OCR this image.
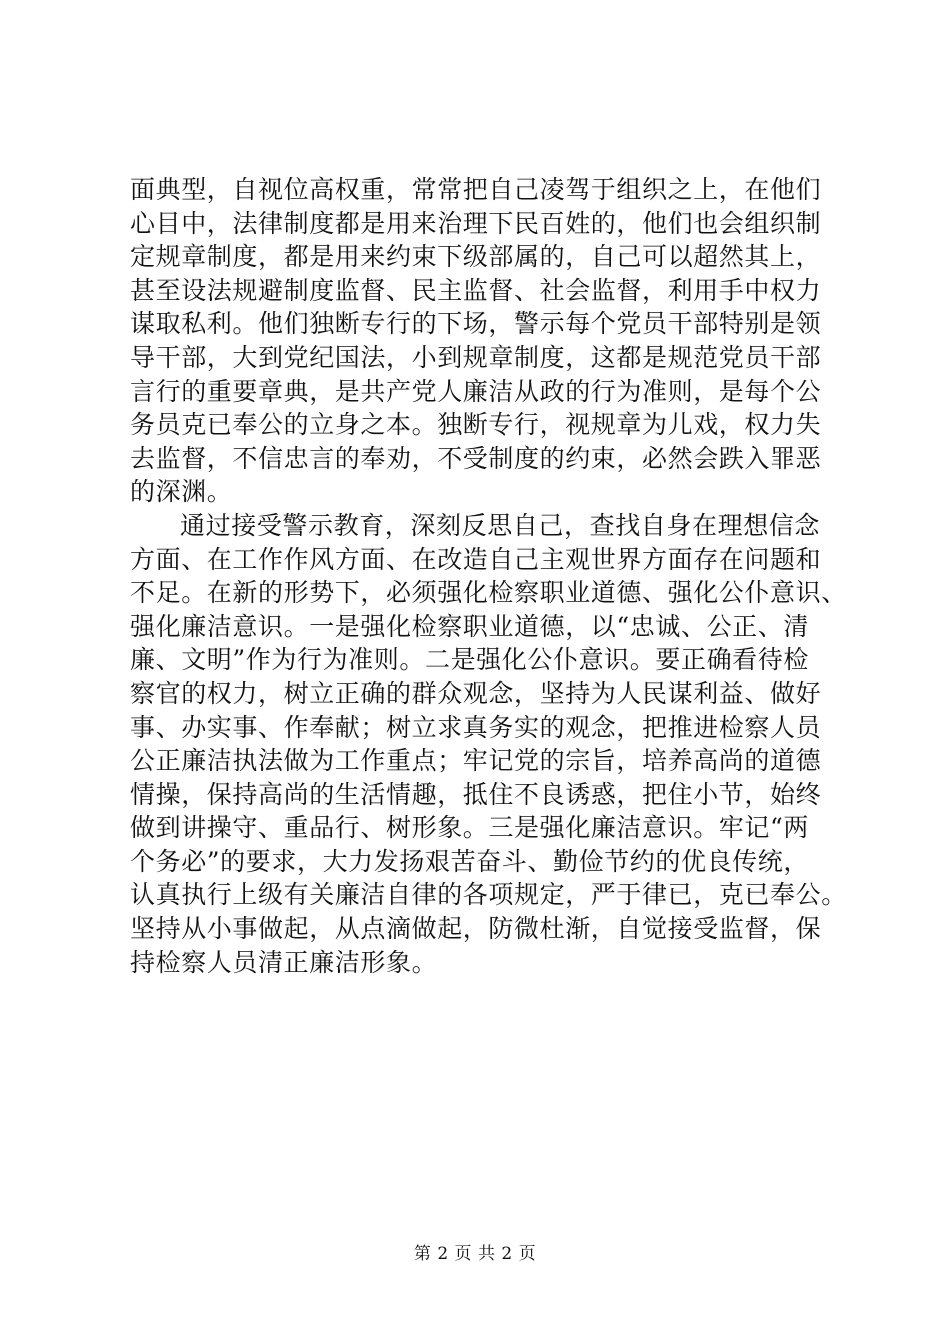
面典型，自视位高权重，常常把自己凌驾于组织之上，在他们
心目中，法律制度都是用来治理下民百姓的，他们也会组织制
定规章制度，都是用来约束下级部属的，自己可以超然其上，
甚至设法规避制度监督、民主监督、社会监督，利用手中权力
谋取私利。他们独断专行的下场，警示每个党员干部特别是领
导干部，大到党纪国法，小到规章制度，这都是规范党员干部
言行的重要章典，是共产党人廉洁从政的行为准则，是每个公
务员克已奉公的立身之本。独断专行，视规章为儿戏，权力失
去监督，不信忠言的奉劝，不受制度的约束，必然会跌入罪恶
的深渊。
通过接受警示教育，深刻反思自己，查找自身在理想信念
方面、在工作作风方面、在改造自己主观世界方面存在问题和
不足。在新的形势下，必须强化检察职业道德、强化公仆意识、
强化廉洁意识。一是强化检察职业道德，以“忠诚、公正、清
廉、文明”作为行为准则。二是强化公仆意识。要正确看待检
察官的权力，树立正确的群众观念，坚持为人民谋利益、做好
事、办实事、作奉献；树立求真务实的观念，把推进检察人员
公正廉洁执法做为工作重点；牢记党的宗旨，培养高尚的道德
情操，保持高尚的生活情趣，抵住不良诱惑，把住小节，始终
做到讲操守、重品行、树形象。三是强化廉洁意识。牢记“两
个务必”的要求，大力发扬艰苦奋斗、勤俭节约的优良传统，
认真执行上级有关廉洁自律的各项规定，严于律已，克已奉公。
坚持从小事做起，从点滴做起，防微杜渐，自觉接受监督，保
持检察人员清正廉洁形象。
第 2 页 共 2 页
